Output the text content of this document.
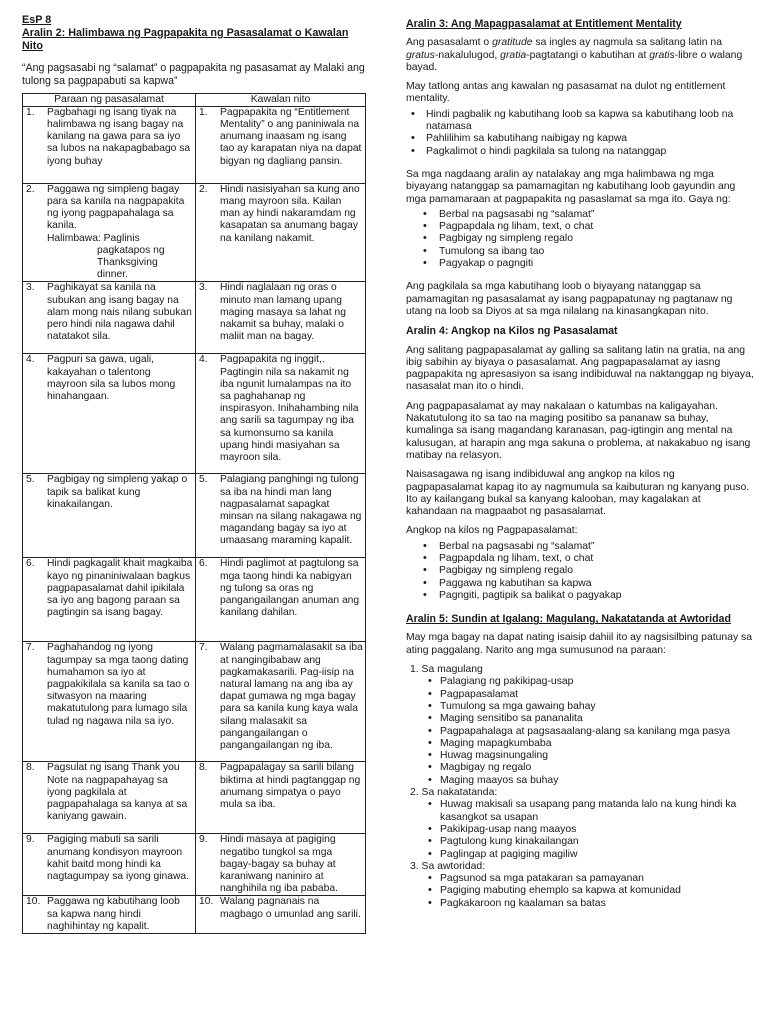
EsP 8
Aralin 2: Halimbawa ng Pagpapakita ng Pasasalamat o Kawalan Nito
“Ang pagsasabi ng “salamat” o pagpapakita ng pasasamat ay Malaki ang tulong sa pagpapabuti sa kapwa”
Paraan ng pasasalamat	Kawalan nito

1. Pagbahagi ng isang tiyak na halimbawa ng isang bagay na kanilang na gawa para sa iyo sa lubos na nakapagbabago sa iyong buhay	1. Pagpapakita ng “Entitlement Mentality” o ang paniniwala na anumang inaasam ng isang tao ay karapatan niya na dapat bigyan ng dagliang pansin.

2. Paggawa ng simpleng bagay para sa kanila na nagpapakita ng iyong pagpapahalaga sa kanila.
Halimbawa: Paglinis
pagkatapos ng Thanksgiving dinner.	2. Hindi nasisiyahan sa kung ano mang mayroon sila. Kailan man ay hindi nakaramdam ng kasapatan sa anumang bagay na kanilang nakamit.

3. Paghikayat sa kanila na subukan ang isang bagay na alam mong nais nilang subukan pero hindi nila nagawa dahil natatakot sila.	3. Hindi naglalaan ng oras o minuto man lamang upang maging masaya sa lahat ng nakamit sa buhay, malaki o maliit man na bagay.

4. Pagpuri sa gawa, ugali, kakayahan o talentong mayroon sila sa lubos mong hinahangaan.	4. Pagpapakita ng inggit,. Pagtingin nila sa nakamit ng iba ngunit lumalampas na ito sa paghahanap ng inspirasyon. Inihahambing nila ang sarili sa tagumpay ng iba sa kumonsumo sa kanila upang hindi masiyahan sa mayroon sila.

5. Pagbigay ng simpleng yakap o tapik sa balikat kung kinakailangan.	5. Palagiang panghingi ng tulong sa iba na hindi man lang nagpasalamat sapagkat minsan na silang nakagawa ng magandang bagay sa iyo at umaasang maraming kapalit.

6. Hindi pagkagalit khait magkaiba kayo ng pinaniniwalaan bagkus pagpapasalamat dahil ipikilala sa iyo ang bagong paraan sa pagtingin sa isang bagay.	6. Hindi paglimot at pagtulong sa mga taong hindi ka nabigyan ng tulong sa oras ng pangangailangan anuman ang kanilang dahilan.

7. Paghahandog ng iyong tagumpay sa mga taong dating humahamon sa iyo at pagpakikilala sa kanila sa tao o sitwasyon na maaring makatutulong para lumago sila tulad ng nagawa nila sa iyo.	7. Walang pagmamalasakit sa iba at nangingibabaw ang pagkamakasarili. Pag-iisip na natural lamang na ang iba ay dapat gumawa ng mga bagay para sa kanila kung kaya wala silang malasakit sa pangangailangan o pangangailangan ng iba.

8. Pagsulat ng isang Thank you Note na nagpapahayag sa iyong pagkilala at pagpapahalaga sa kanya at sa kaniyang gawain.	8. Pagpapalagay sa sarili bilang biktima at hindi pagtanggap ng anumang simpatya o payo mula sa iba.

9. Pagiging mabuti sa sarili anumang kondisyon mayroon kahit baitd mong hindi ka nagtagumpay sa iyong ginawa.	9. Hindi masaya at pagiging negatibo tungkol sa mga bagay-bagay sa buhay at karaniwang naniniro at nanghihila ng iba pababa.

10. Paggawa ng kabutihang loob sa kapwa nang hindi naghihintay ng kapalit.	10. Walang pagnanais na magbago o umunlad ang sarili.
Aralin 3: Ang Mapagpasalamat at Entitlement Mentality

Ang pasasalamt o gratitude sa ingles ay nagmula sa salitang latin na gratus-nakalulugod, gratia-pagtatangi o kabutihan at gratis-libre o walang bayad.

May tatlong antas ang kawalan ng pasasamat na dulot ng entitlement mentality.

• Hindi pagbalik ng kabutihang loob sa kapwa sa kabutihang loob na natamasa
• Pahlilihim sa kabutihang naibigay ng kapwa
• Pagkalimot o hindi pagkilala sa tulong na natanggap

Sa mga nagdaang aralin ay natalakay ang mga halimbawa ng mga biyayang natanggap sa pamamagitan ng kabutihang loob gayundin ang mga pamamaraan at pagpapakita ng pasaslamat sa mga ito. Gaya ng:

• Berbal na pagsasabi ng “salamat”
• Pagpapdala ng liham, text, o chat
• Pagbigay ng simpleng regalo
• Tumulong sa ibang tao
• Pagyakap o pagngiti

Ang pagkilala sa mga kabutihang loob o biyayang natanggap sa pamamagitan ng pasasalamat ay isang pagpapatunay ng pagtanaw ng utang na loob sa Diyos at sa mga nilalang na kinasangkapan nito.

Aralin 4: Angkop na Kilos ng Pasasalamat

Ang salitang pagpapasalamat ay galling sa salitang latin na gratia, na ang ibig sabihin ay biyaya o pasasalamat. Ang pagpapasalamat ay iasng pagpapakita ng apresasiyon sa isang indibiduwal na naktanggap ng biyaya, nasasalat man ito o hindi.

Ang pagpapasalamat ay may nakalaan o katumbas na kaligayahan. Nakatutulong ito sa tao na maging positibo sa pananaw sa buhay, kumalinga sa isang magandang karanasan, pag-igtingin ang mental na kalusugan, at harapin ang mga sakuna o problema, at nakakabuo ng isang matibay na relasyon.

Naisasagawa ng isang indibiduwal ang angkop na kilos ng pagpapasalamat kapag ito ay nagmumula sa kaibuturan ng kanyang puso. Ito ay kailangang bukal sa kanyang kalooban, may kagalakan at kahandaan na magpaabot ng pasasalamat.

Angkop na kilos ng Pagpapasalamat:

• Berbal na pagsasabi ng “salamat”
• Pagpapdala ng liham, text, o chat
• Pagbigay ng simpleng regalo
• Paggawa ng kabutihan sa kapwa
• Pagngiti, pagtipik sa balikat o pagyakap
Aralin 5: Sundin at Igalang: Magulang, Nakatatanda at Awtoridad

May mga bagay na dapat nating isaisip dahiil ito ay nagsisilbing patunay sa ating paggalang. Narito ang mga sumusunod na paraan:

1. Sa magulang
• Palagiang ng pakikipag-usap
• Pagpapasalamat
• Tumulong sa mga gawaing bahay
• Maging sensitibo sa pananalita
• Pagpapahalaga at pagsasaalang-alang sa kanilang mga pasya
• Maging mapagkumbaba
• Huwag magsinungaling
• Magbigay ng regalo
• Maging maayos sa buhay
2. Sa nakatatanda:
• Huwag makisali sa usapang pang matanda lalo na kung hindi ka kasangkot sa usapan
• Pakikipag-usap nang maayos
• Pagtulong kung kinakailangan
• Paglingap at pagiging magiliw
3. Sa awtoridad:
• Pagsunod sa mga patakaran sa pamayanan
• Pagiging mabuting ehemplo sa kapwa at komunidad
• Pagkakaroon ng kaalaman sa batas
